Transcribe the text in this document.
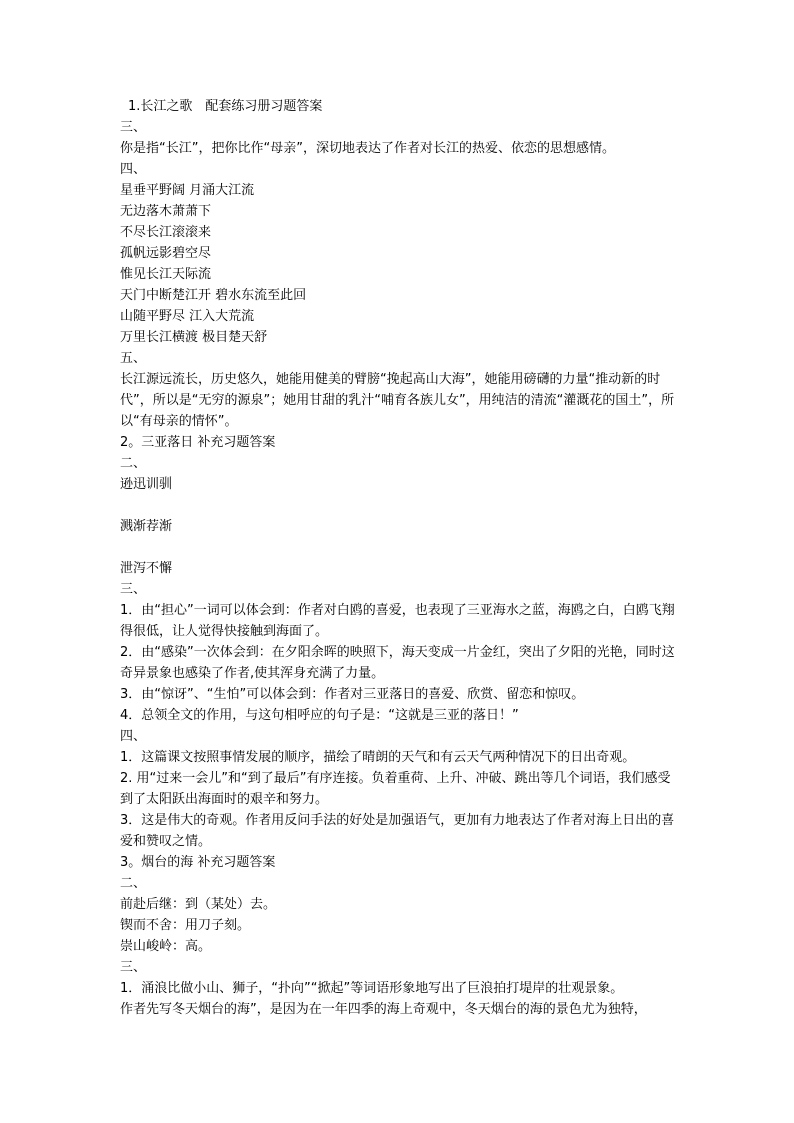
1.长江之歌　配套练习册习题答案
三、
你是指“长江”，把你比作“母亲”，深切地表达了作者对长江的热爱、依恋的思想感情。
四、
星垂平野阔 月涌大江流
无边落木萧萧下
不尽长江滚滚来
孤帆远影碧空尽
惟见长江天际流
天门中断楚江开 碧水东流至此回
山随平野尽 江入大荒流
万里长江横渡 极目楚天舒
五、
长江源远流长，历史悠久，她能用健美的臂膀“挽起高山大海”，她能用磅礴的力量“推动新的时代”，所以是“无穷的源泉”；她用甘甜的乳汁“哺育各族儿女”，用纯洁的清流“灌溉花的国土”，所以“有母亲的情怀”。
2。三亚落日 补充习题答案
二、
逊迅训驯
溅渐荐渐
泄泻不懈
三、
1．由“担心”一词可以体会到：作者对白鸥的喜爱，也表现了三亚海水之蓝，海鸥之白，白鸥飞翔得很低，让人觉得快接触到海面了。
2．由“感染”一次体会到：在夕阳余晖的映照下，海天变成一片金红，突出了夕阳的光艳，同时这奇异景象也感染了作者,使其浑身充满了力量。
3．由“惊讶”、“生怕”可以体会到：作者对三亚落日的喜爱、欣赏、留恋和惊叹。
4．总领全文的作用，与这句相呼应的句子是：“这就是三亚的落日！”
四、
1．这篇课文按照事情发展的顺序，描绘了晴朗的天气和有云天气两种情况下的日出奇观。
2. 用“过来一会儿”和“到了最后”有序连接。负着重荷、上升、冲破、跳出等几个词语，我们感受到了太阳跃出海面时的艰辛和努力。
3．这是伟大的奇观。作者用反问手法的好处是加强语气，更加有力地表达了作者对海上日出的喜爱和赞叹之情。
3。烟台的海 补充习题答案
二、
前赴后继：到（某处）去。
锲而不舍：用刀子刻。
崇山峻岭：高。
三、
1．涌浪比做小山、狮子，“扑向”“掀起”等词语形象地写出了巨浪拍打堤岸的壮观景象。
作者先写冬天烟台的海”，是因为在一年四季的海上奇观中，冬天烟台的海的景色尤为独特，
